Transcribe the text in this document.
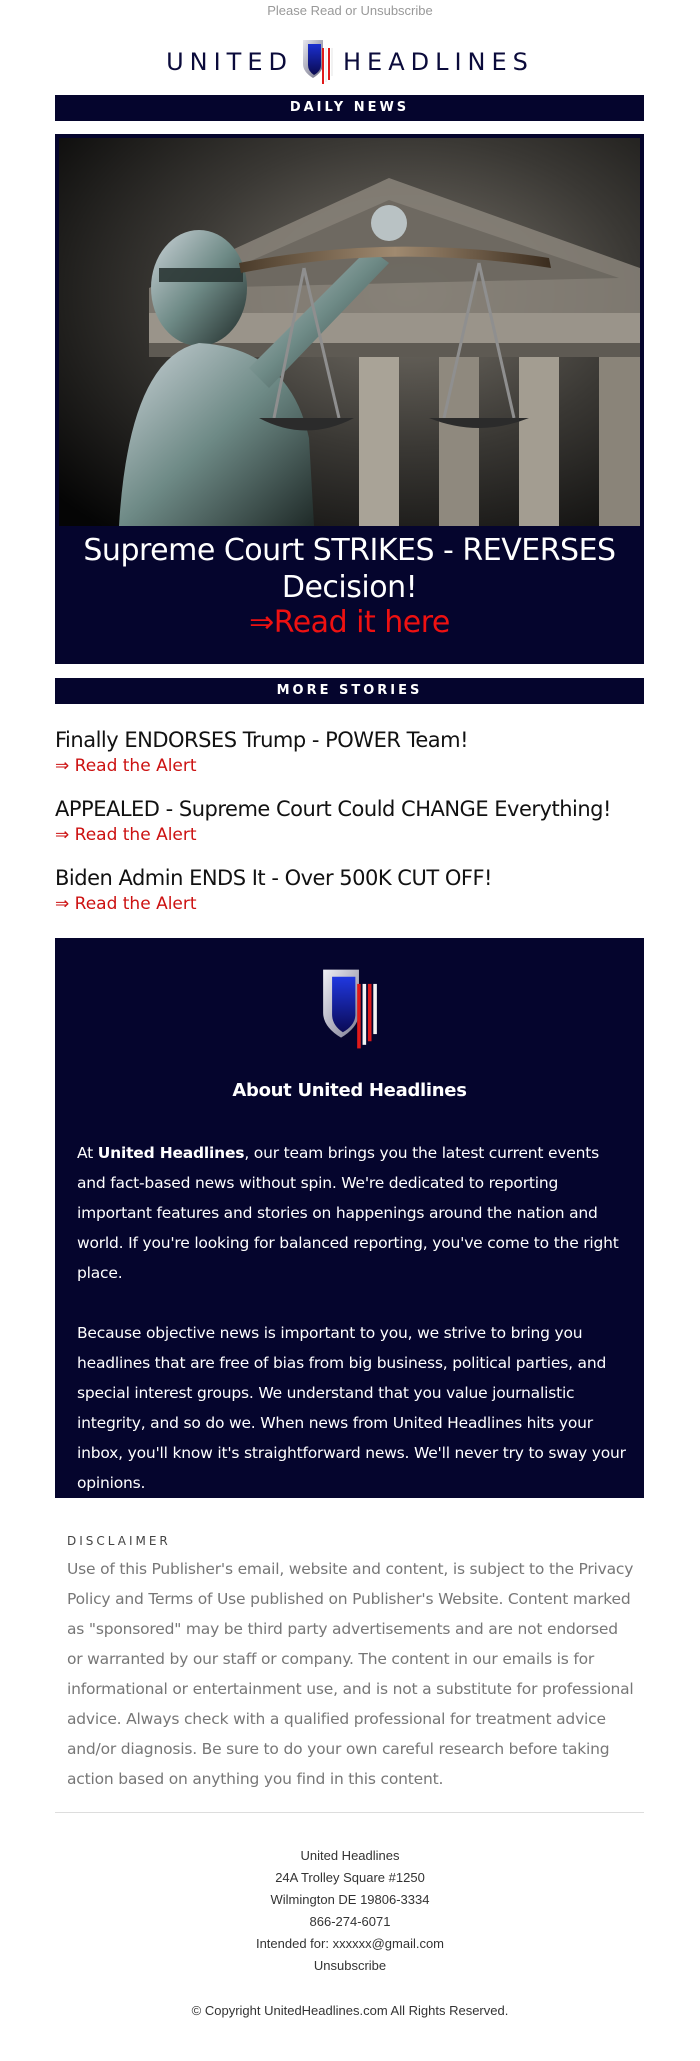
Please Read or Unsubscribe
UNITED HEADLINES
DAILY NEWS
Supreme Court STRIKES - REVERSES Decision!
⇒Read it here
MORE STORIES
Finally ENDORSES Trump - POWER Team!
⇒ Read the Alert
APPEALED - Supreme Court Could CHANGE Everything!
⇒ Read the Alert
Biden Admin ENDS It - Over 500K CUT OFF!
⇒ Read the Alert
About United Headlines

At United Headlines, our team brings you the latest current events and fact-based news without spin. We're dedicated to reporting important features and stories on happenings around the nation and world. If you're looking for balanced reporting, you've come to the right place.

Because objective news is important to you, we strive to bring you headlines that are free of bias from big business, political parties, and special interest groups. We understand that you value journalistic integrity, and so do we. When news from United Headlines hits your inbox, you'll know it's straightforward news. We'll never try to sway your opinions.

DISCLAIMER
Use of this Publisher's email, website and content, is subject to the Privacy Policy and Terms of Use published on Publisher's Website. Content marked as "sponsored" may be third party advertisements and are not endorsed or warranted by our staff or company. The content in our emails is for informational or entertainment use, and is not a substitute for professional advice. Always check with a qualified professional for treatment advice and/or diagnosis. Be sure to do your own careful research before taking action based on anything you find in this content.
United Headlines
24A Trolley Square #1250
Wilmington DE 19806-3334
866-274-6071
Intended for: xxxxxx@gmail.com
Unsubscribe
© Copyright UnitedHeadlines.com All Rights Reserved.
